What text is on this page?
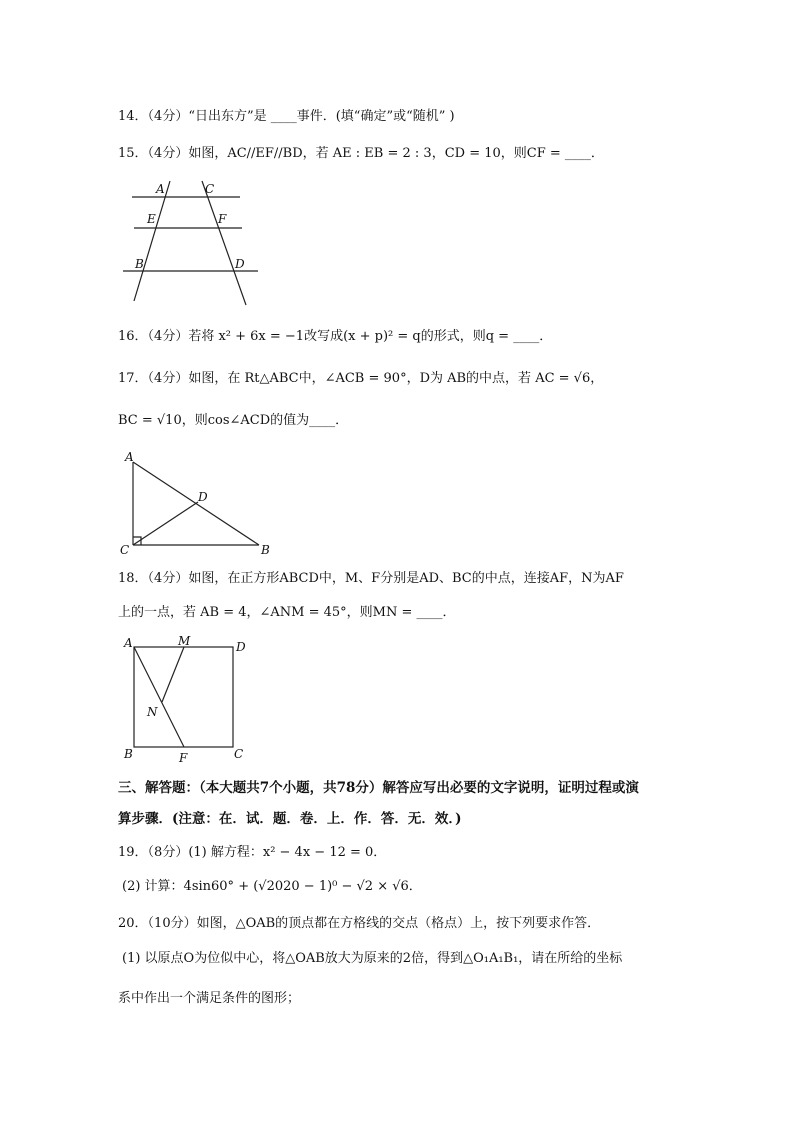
14．（4分）“日出东方”是 ____事件．(填“确定”或“随机” )
15．（4分）如图，AC//EF//BD，若 AE : EB = 2 : 3，CD = 10，则CF = ____．
A	C
E	F
B	D
16．（4分）若将 x² + 6x = −1改写成(x + p)² = q的形式，则q = ____．
17．（4分）如图，在 Rt△ABC中，∠ACB = 90°，D为 AB的中点，若 AC = √6，
BC = √10，则cos∠ACD的值为____．
A
D
C	B
18．（4分）如图，在正方形ABCD中，M、F分别是AD、BC的中点，连接AF，N为AF
上的一点，若 AB = 4，∠ANM = 45°，则MN = ____．
A	M	D
N
B	F	C
三、解答题：（本大题共7个小题，共78分）解答应写出必要的文字说明，证明过程或演
算步骤．(注意：在．试．题．卷．上．作．答．无．效．)
19．（8分）(1) 解方程：x² − 4x − 12 = 0．
(2) 计算：4sin60° + (√2020 − 1)⁰ − √2 × √6．
20．（10分）如图，△OAB的顶点都在方格线的交点（格点）上，按下列要求作答．
(1) 以原点O为位似中心，将△OAB放大为原来的2倍，得到△O₁A₁B₁，请在所给的坐标
系中作出一个满足条件的图形；
